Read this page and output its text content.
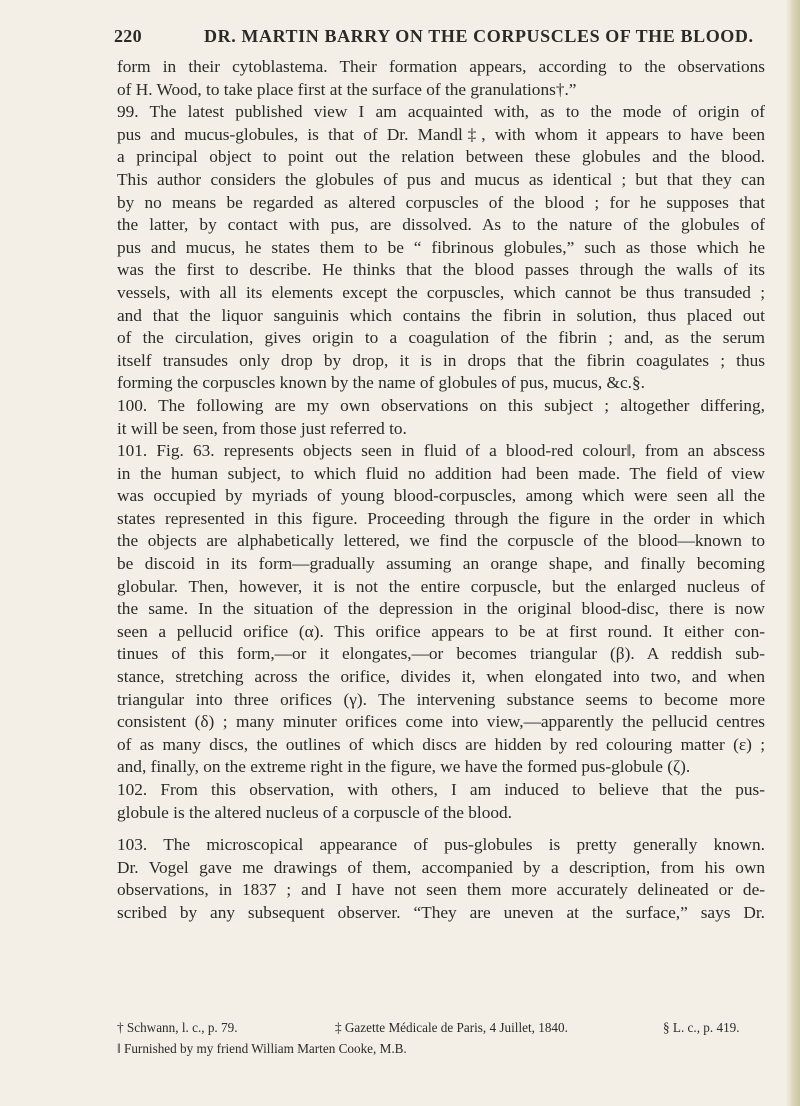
220	DR. MARTIN BARRY ON THE CORPUSCLES OF THE BLOOD.
form in their cytoblastema. Their formation appears, according to the observations
of H. Wood, to take place first at the surface of the granulations†.”
99. The latest published view I am acquainted with, as to the mode of origin of
pus and mucus-globules, is that of Dr. Mandl‡, with whom it appears to have been
a principal object to point out the relation between these globules and the blood.
This author considers the globules of pus and mucus as identical ; but that they can
by no means be regarded as altered corpuscles of the blood ; for he supposes that
the latter, by contact with pus, are dissolved. As to the nature of the globules of
pus and mucus, he states them to be “ fibrinous globules,” such as those which he
was the first to describe. He thinks that the blood passes through the walls of its
vessels, with all its elements except the corpuscles, which cannot be thus transuded ;
and that the liquor sanguinis which contains the fibrin in solution, thus placed out
of the circulation, gives origin to a coagulation of the fibrin ; and, as the serum
itself transudes only drop by drop, it is in drops that the fibrin coagulates ; thus
forming the corpuscles known by the name of globules of pus, mucus, &c.§.
100. The following are my own observations on this subject ; altogether differing,
it will be seen, from those just referred to.
101. Fig. 63. represents objects seen in fluid of a blood-red colour‖, from an abscess
in the human subject, to which fluid no addition had been made. The field of view
was occupied by myriads of young blood-corpuscles, among which were seen all the
states represented in this figure. Proceeding through the figure in the order in which
the objects are alphabetically lettered, we find the corpuscle of the blood—known to
be discoid in its form—gradually assuming an orange shape, and finally becoming
globular. Then, however, it is not the entire corpuscle, but the enlarged nucleus of
the same. In the situation of the depression in the original blood-disc, there is now
seen a pellucid orifice (α). This orifice appears to be at first round. It either con-
tinues of this form,—or it elongates,—or becomes triangular (β). A reddish sub-
stance, stretching across the orifice, divides it, when elongated into two, and when
triangular into three orifices (γ). The intervening substance seems to become more
consistent (δ) ; many minuter orifices come into view,—apparently the pellucid centres
of as many discs, the outlines of which discs are hidden by red colouring matter (ε) ;
and, finally, on the extreme right in the figure, we have the formed pus-globule (ζ).
102. From this observation, with others, I am induced to believe that the pus-
globule is the altered nucleus of a corpuscle of the blood.
103. The microscopical appearance of pus-globules is pretty generally known.
Dr. Vogel gave me drawings of them, accompanied by a description, from his own
observations, in 1837 ; and I have not seen them more accurately delineated or de-
scribed by any subsequent observer. “They are uneven at the surface,” says Dr.
† Schwann, l. c., p. 79.	‡ Gazette Médicale de Paris, 4 Juillet, 1840.	§ L. c., p. 419.
‖ Furnished by my friend William Marten Cooke, M.B.
